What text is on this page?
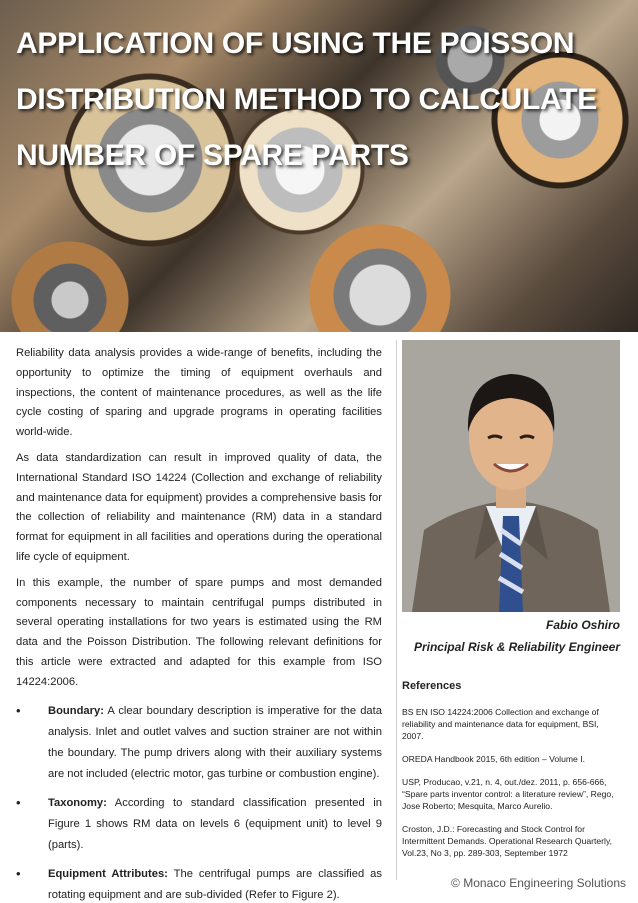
APPLICATION OF USING THE POISSON DISTRIBUTION METHOD TO CALCULATE NUMBER OF SPARE PARTS

Reliability data analysis provides a wide-range of benefits, including the opportunity to optimize the timing of equipment overhauls and inspections, the content of maintenance procedures, as well as the life cycle costing of sparing and upgrade programs in operating facilities world-wide.

As data standardization can result in improved quality of data, the International Standard ISO 14224 (Collection and exchange of reliability and maintenance data for equipment) provides a comprehensive basis for the collection of reliability and maintenance (RM) data in a standard format for equipment in all facilities and operations during the operational life cycle of equipment.

In this example, the number of spare pumps and most demanded components necessary to maintain centrifugal pumps distributed in several operating installations for two years is estimated using the RM data and the Poisson Distribution. The following relevant definitions for this article were extracted and adapted for this example from ISO 14224:2006.

•	Boundary: A clear boundary description is imperative for the data analysis. Inlet and outlet valves and suction strainer are not within the boundary. The pump drivers along with their auxiliary systems are not included (electric motor, gas turbine or combustion engine).
•	Taxonomy: According to standard classification presented in Figure 1 shows RM data on levels 6 (equipment unit) to level 9 (parts).
•	Equipment Attributes: The centrifugal pumps are classified as rotating equipment and are sub-divided (Refer to Figure 2).
Fabio Oshiro
Principal Risk & Reliability Engineer
References
BS EN ISO 14224:2006 Collection and exchange of reliability and maintenance data for equipment, BSI, 2007.
OREDA Handbook 2015, 6th edition – Volume I.
USP, Producao, v.21, n. 4, out./dez. 2011, p. 656-666, “Spare parts inventor control: a literature review”, Rego, Jose Roberto; Mesquita, Marco Aurelio.
Croston, J.D.: Forecasting and Stock Control for Intermittent Demands. Operational Research Quarterly, Vol.23, No 3, pp. 289-303, September 1972
© Monaco Engineering Solutions
